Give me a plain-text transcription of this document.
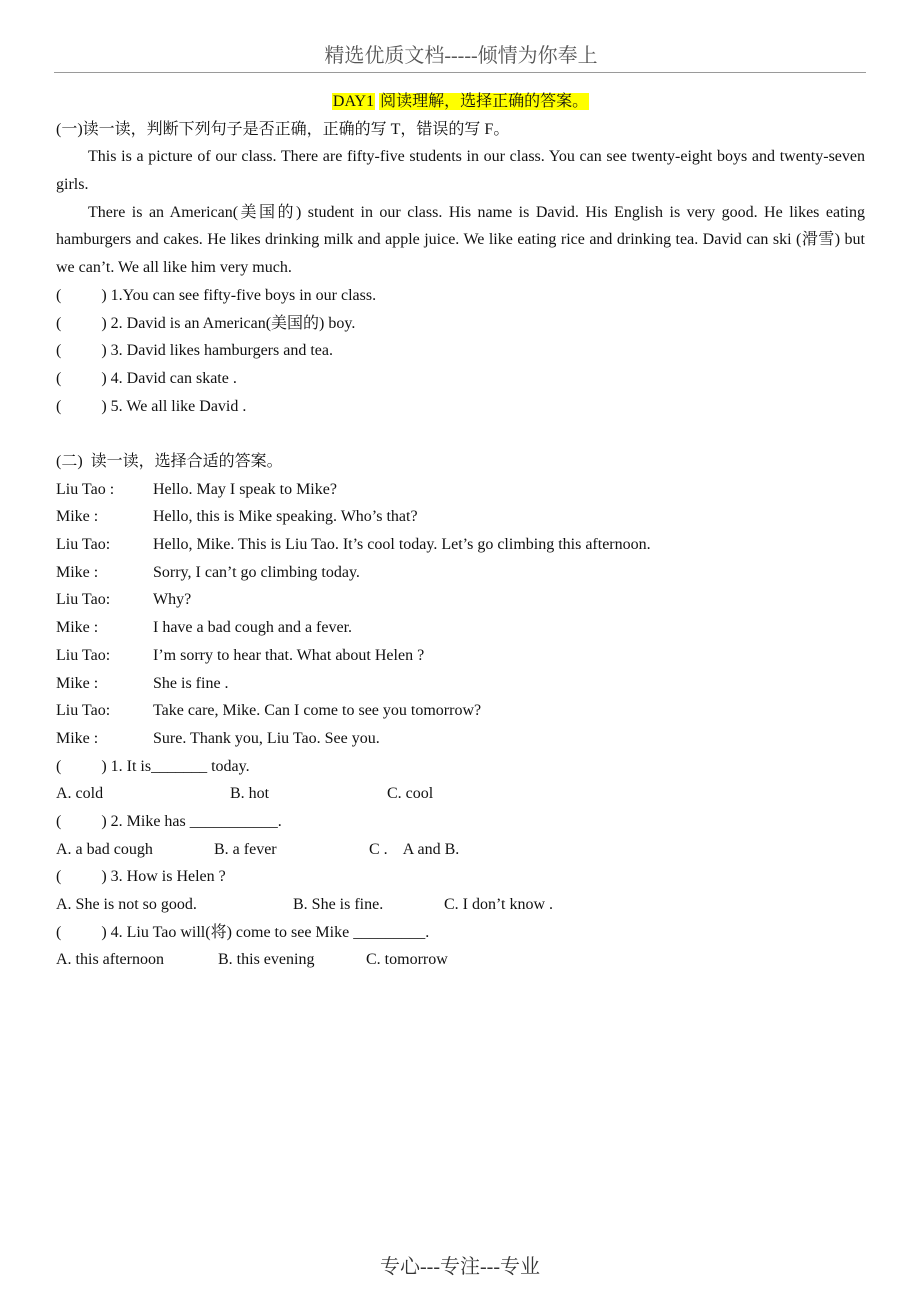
精选优质文档-----倾情为你奉上
DAY1 阅读理解，选择正确的答案。
(一)读一读，判断下列句子是否正确，正确的写 T，错误的写 F。

This is a picture of our class. There are fifty-five students in our class. You can see twenty-eight boys and twenty-seven girls.

There is an American(美国的) student in our class. His name is David. His English is very good. He likes eating hamburgers and cakes. He likes drinking milk and apple juice. We like eating rice and drinking tea. David can ski (滑雪) but we can’t. We all like him very much.

(          ) 1.You can see fifty-five boys in our class.
(          ) 2. David is an American(美国的) boy.
(          ) 3. David likes hamburgers and tea.
(          ) 4. David can skate .
(          ) 5. We all like David .
(二)  读一读，选择合适的答案。
Liu Tao :	Hello. May I speak to Mike?
Mike :	Hello, this is Mike speaking. Who’s that?
Liu Tao:	Hello, Mike. This is Liu Tao. It’s cool today. Let’s go climbing this afternoon.
Mike :	Sorry, I can’t go climbing today.
Liu Tao:	Why?
Mike :	I have a bad cough and a fever.
Liu Tao:	I’m sorry to hear that. What about Helen ?
Mike :	She is fine .
Liu Tao:	Take care, Mike. Can I come to see you tomorrow?
Mike :	Sure. Thank you, Liu Tao. See you.
(          ) 1. It is_______ today.
A. cold	B. hot	C. cool
(          ) 2. Mike has ___________.
A. a bad cough	B. a fever	C .    A and B.
(          ) 3. How is Helen ?
A. She is not so good.	B. She is fine.	C. I don’t know .
(          ) 4. Liu Tao will(将) come to see Mike _________.
A. this afternoon	B. this evening	C. tomorrow
专心---专注---专业
